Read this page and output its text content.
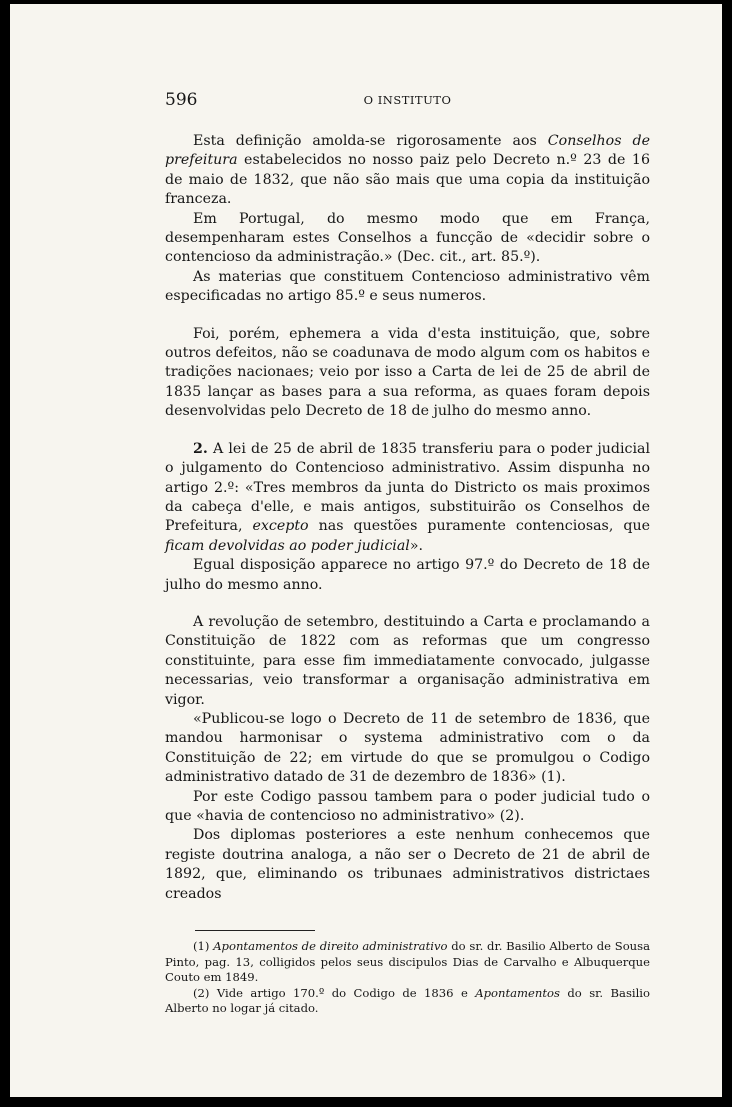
596	O INSTITUTO

Esta definição amolda-se rigorosamente aos Conselhos de prefeitura estabelecidos no nosso paiz pelo Decreto n.º 23 de 16 de maio de 1832, que não são mais que uma copia da instituição franceza.

Em Portugal, do mesmo modo que em França, desempenharam estes Conselhos a funcção de «decidir sobre o contencioso da administração.» (Dec. cit., art. 85.º).

As materias que constituem Contencioso administrativo vêm especificadas no artigo 85.º e seus numeros.

Foi, porém, ephemera a vida d'esta instituição, que, sobre outros defeitos, não se coadunava de modo algum com os habitos e tradições nacionaes; veio por isso a Carta de lei de 25 de abril de 1835 lançar as bases para a sua reforma, as quaes foram depois desenvolvidas pelo Decreto de 18 de julho do mesmo anno.

2. A lei de 25 de abril de 1835 transferiu para o poder judicial o julgamento do Contencioso administrativo. Assim dispunha no artigo 2.º: «Tres membros da junta do Districto os mais proximos da cabeça d'elle, e mais antigos, substituirão os Conselhos de Prefeitura, excepto nas questões puramente contenciosas, que ficam devolvidas ao poder judicial».

Egual disposição apparece no artigo 97.º do Decreto de 18 de julho do mesmo anno.

A revolução de setembro, destituindo a Carta e proclamando a Constituição de 1822 com as reformas que um congresso constituinte, para esse fim immediatamente convocado, julgasse necessarias, veio transformar a organisação administrativa em vigor.

«Publicou-se logo o Decreto de 11 de setembro de 1836, que mandou harmonisar o systema administrativo com o da Constituição de 22; em virtude do que se promulgou o Codigo administrativo datado de 31 de dezembro de 1836» (1).

Por este Codigo passou tambem para o poder judicial tudo o que «havia de contencioso no administrativo» (2).

Dos diplomas posteriores a este nenhum conhecemos que registe doutrina analoga, a não ser o Decreto de 21 de abril de 1892, que, eliminando os tribunaes administrativos districtaes creados

(1) Apontamentos de direito administrativo do sr. dr. Basilio Alberto de Sousa Pinto, pag. 13, colligidos pelos seus discipulos Dias de Carvalho e Albuquerque Couto em 1849.

(2) Vide artigo 170.º do Codigo de 1836 e Apontamentos do sr. Basilio Alberto no logar já citado.
